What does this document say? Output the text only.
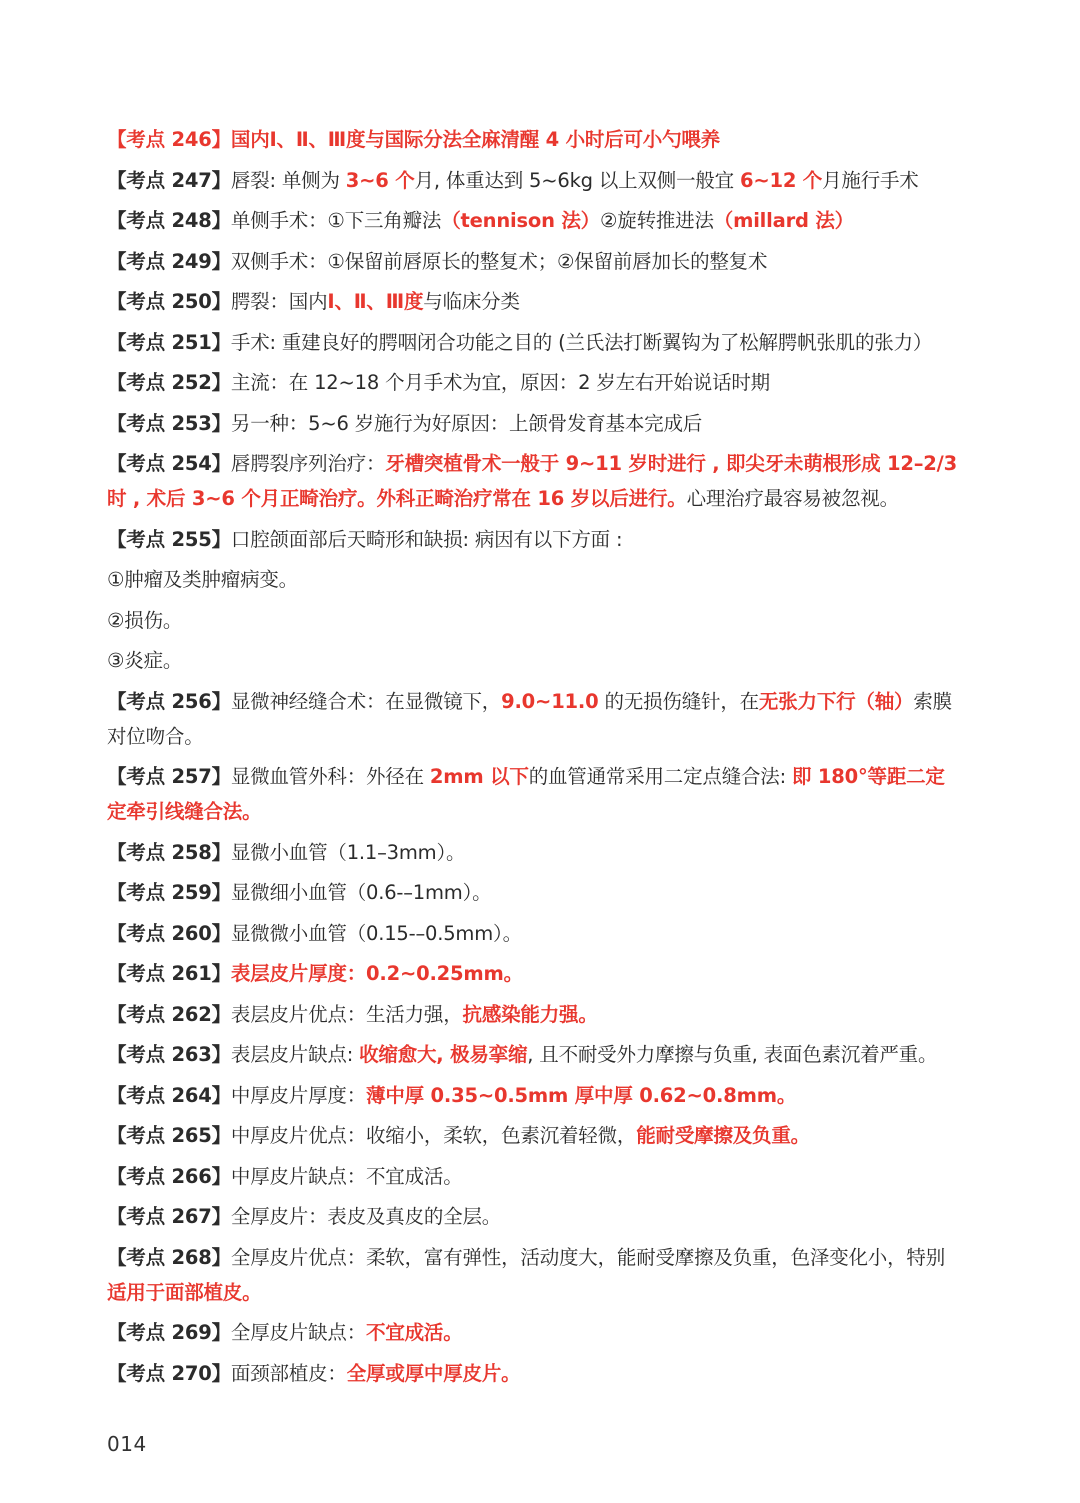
【考点 246】国内Ⅰ、Ⅱ、Ⅲ度与国际分法全麻清醒 4 小时后可小勺喂养
【考点 247】唇裂: 单侧为 3~6 个月, 体重达到 5~6kg 以上双侧一般宜 6~12 个月施行手术
【考点 248】单侧手术：①下三角瓣法（tennison 法）②旋转推进法（millard 法）
【考点 249】双侧手术：①保留前唇原长的整复术；②保留前唇加长的整复术
【考点 250】腭裂：国内Ⅰ、Ⅱ、Ⅲ度与临床分类
【考点 251】手术: 重建良好的腭咽闭合功能之目的 (兰氏法打断翼钩为了松解腭帆张肌的张力）
【考点 252】主流：在 12~18 个月手术为宜，原因：2 岁左右开始说话时期
【考点 253】另一种：5~6 岁施行为好原因：上颌骨发育基本完成后
【考点 254】唇腭裂序列治疗：牙槽突植骨术一般于 9~11 岁时进行 , 即尖牙未萌根形成 12–2/3 时 , 术后 3~6 个月正畸治疗。外科正畸治疗常在 16 岁以后进行。心理治疗最容易被忽视。
【考点 255】口腔颌面部后天畸形和缺损: 病因有以下方面 :
①肿瘤及类肿瘤病变。
②损伤。
③炎症。
【考点 256】显微神经缝合术：在显微镜下，9.0~11.0 的无损伤缝针，在无张力下行（轴）索膜对位吻合。
【考点 257】显微血管外科：外径在 2mm 以下的血管通常采用二定点缝合法: 即 180°等距二定定牵引线缝合法。
【考点 258】显微小血管（1.1–3mm）。
【考点 259】显微细小血管（0.6-–1mm）。
【考点 260】显微微小血管（0.15-–0.5mm）。
【考点 261】表层皮片厚度：0.2~0.25mm。
【考点 262】表层皮片优点：生活力强，抗感染能力强。
【考点 263】表层皮片缺点: 收缩愈大, 极易挛缩, 且不耐受外力摩擦与负重, 表面色素沉着严重。
【考点 264】中厚皮片厚度：薄中厚 0.35~0.5mm 厚中厚 0.62~0.8mm。
【考点 265】中厚皮片优点：收缩小，柔软，色素沉着轻微，能耐受摩擦及负重。
【考点 266】中厚皮片缺点：不宜成活。
【考点 267】全厚皮片：表皮及真皮的全层。
【考点 268】全厚皮片优点：柔软，富有弹性，活动度大，能耐受摩擦及负重，色泽变化小，特别适用于面部植皮。
【考点 269】全厚皮片缺点：不宜成活。
【考点 270】面颈部植皮：全厚或厚中厚皮片。
014
